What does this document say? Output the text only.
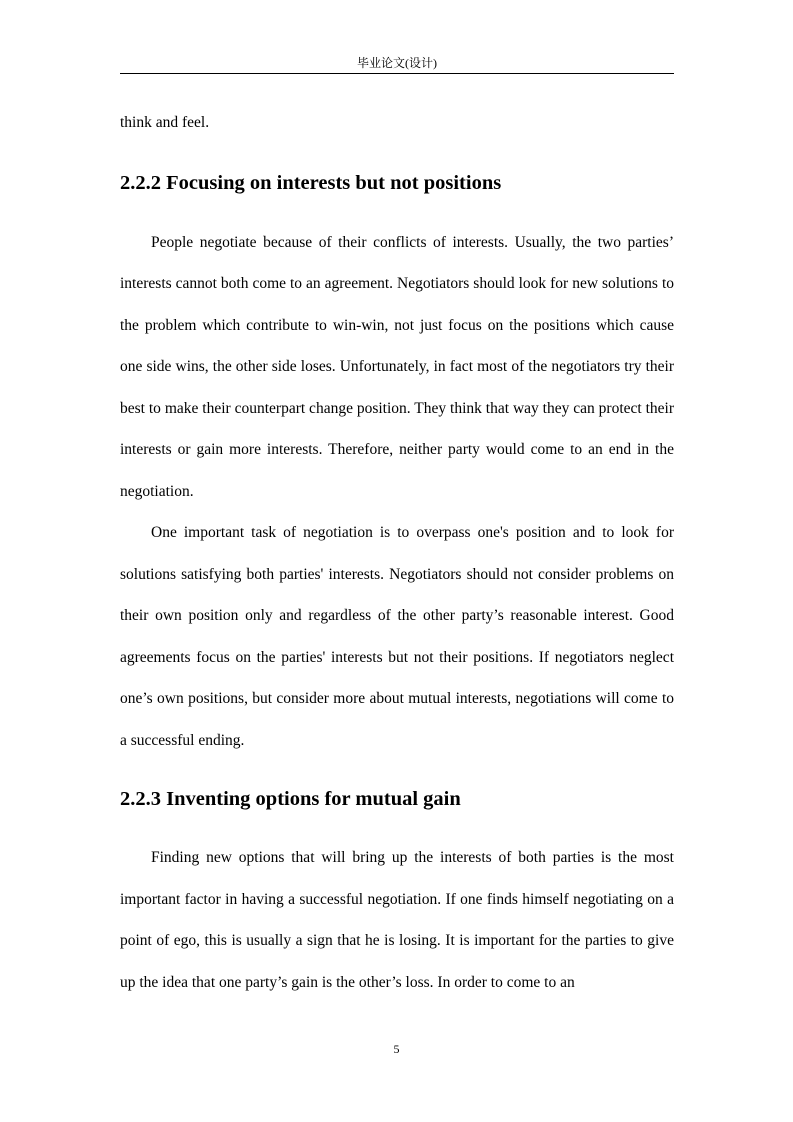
毕业论文(设计)

think and feel.

2.2.2 Focusing on interests but not positions

People negotiate because of their conflicts of interests. Usually, the two parties’ interests cannot both come to an agreement. Negotiators should look for new solutions to the problem which contribute to win-win, not just focus on the positions which cause one side wins, the other side loses. Unfortunately, in fact most of the negotiators try their best to make their counterpart change position. They think that way they can protect their interests or gain more interests. Therefore, neither party would come to an end in the negotiation.

One important task of negotiation is to overpass one's position and to look for solutions satisfying both parties' interests. Negotiators should not consider problems on their own position only and regardless of the other party’s reasonable interest. Good agreements focus on the parties' interests but not their positions. If negotiators neglect one’s own positions, but consider more about mutual interests, negotiations will come to a successful ending.

2.2.3 Inventing options for mutual gain

Finding new options that will bring up the interests of both parties is the most important factor in having a successful negotiation. If one finds himself negotiating on a point of ego, this is usually a sign that he is losing. It is important for the parties to give up the idea that one party’s gain is the other’s loss. In order to come to an

5
